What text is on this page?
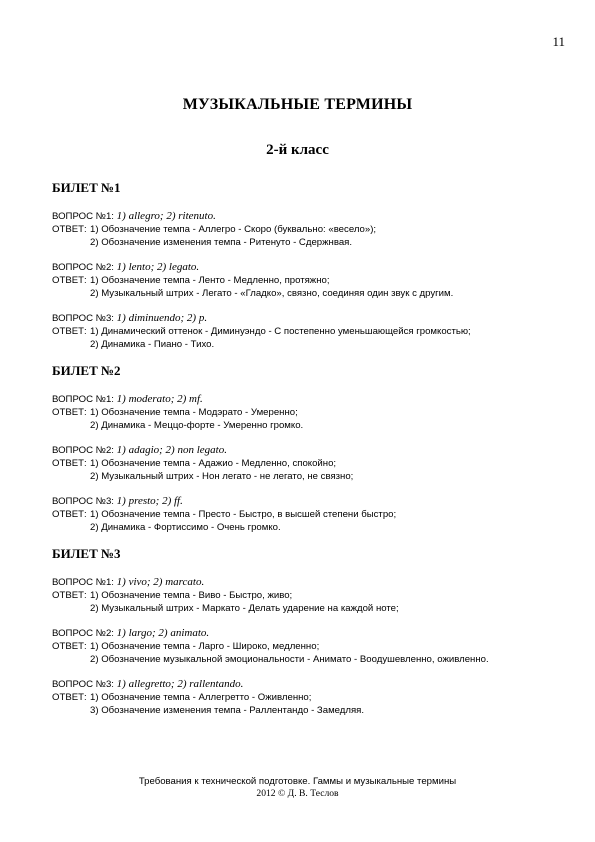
11
МУЗЫКАЛЬНЫЕ ТЕРМИНЫ
2-й класс
БИЛЕТ №1
ВОПРОС №1: 1) allegro; 2) ritenuto.
ОТВЕТ: 1) Обозначение темпа - Аллегро - Скоро (буквально: «весело»);
2) Обозначение изменения темпа - Ритенуто - Сдержнвая.
ВОПРОС №2: 1) lento; 2) legato.
ОТВЕТ: 1) Обозначение темпа - Ленто - Медленно, протяжно;
2) Музыкальный штрих - Легато - «Гладко», связно, соединяя один звук с другим.
ВОПРОС №3: 1) diminuendo; 2) p.
ОТВЕТ: 1) Динамический оттенок - Диминуэндо - С постепенно уменьшающейся громкостью;
2) Динамика - Пиано - Тихо.
БИЛЕТ №2
ВОПРОС №1: 1) moderato; 2) mf.
ОТВЕТ: 1) Обозначение темпа - Модэрато - Умеренно;
2) Динамика - Меццо-форте - Умеренно громко.
ВОПРОС №2: 1) adagio; 2) non legato.
ОТВЕТ: 1) Обозначение темпа - Адажио - Медленно, спокойно;
2) Музыкальный штрих - Нон легато - не легато, не связно;
ВОПРОС №3: 1) presto; 2) ff.
ОТВЕТ: 1) Обозначение темпа - Престо - Быстро, в высшей степени быстро;
2) Динамика - Фортиссимо - Очень громко.
БИЛЕТ №3
ВОПРОС №1: 1) vivo; 2) marcato.
ОТВЕТ: 1) Обозначение темпа - Виво - Быстро, живо;
2) Музыкальный штрих - Маркато - Делать ударение на каждой ноте;
ВОПРОС №2: 1) largo; 2) animato.
ОТВЕТ: 1) Обозначение темпа - Ларго - Широко, медленно;
2) Обозначение музыкальной эмоциональности - Анимато - Воодушевленно, оживленно.
ВОПРОС №3: 1) allegretto; 2) rallentando.
ОТВЕТ: 1) Обозначение темпа - Аллегретто - Оживленно;
3) Обозначение изменения темпа - Раллентандо - Замедляя.
Требования к технической подготовке. Гаммы и музыкальные термины
2012 © Д. В. Теслов
